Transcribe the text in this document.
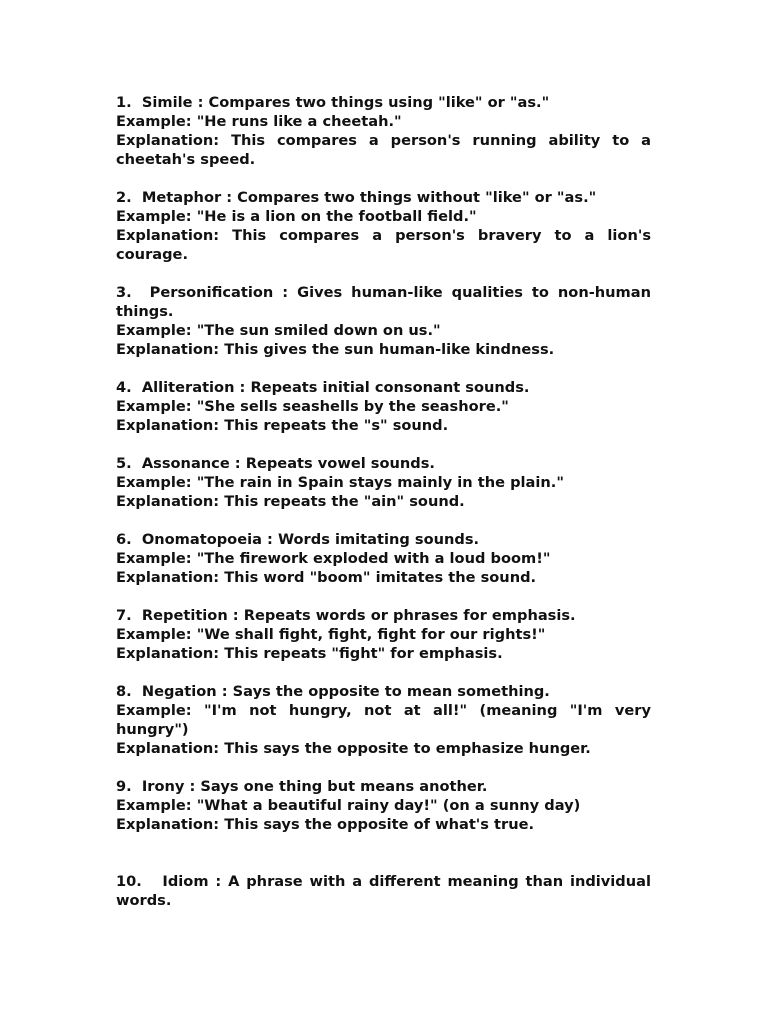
1.  Simile : Compares two things using "like" or "as."
Example: "He runs like a cheetah."
Explanation: This compares a person's running ability to a cheetah's speed.
2.  Metaphor : Compares two things without "like" or "as."
Example: "He is a lion on the football field."
Explanation: This compares a person's bravery to a lion's courage.
3.  Personification : Gives human-like qualities to non-human things.
Example: "The sun smiled down on us."
Explanation: This gives the sun human-like kindness.
4.  Alliteration : Repeats initial consonant sounds.
Example: "She sells seashells by the seashore."
Explanation: This repeats the "s" sound.
5.  Assonance : Repeats vowel sounds.
Example: "The rain in Spain stays mainly in the plain."
Explanation: This repeats the "ain" sound.
6.  Onomatopoeia : Words imitating sounds.
Example: "The firework exploded with a loud boom!"
Explanation: This word "boom" imitates the sound.
7.  Repetition : Repeats words or phrases for emphasis.
Example: "We shall fight, fight, fight for our rights!"
Explanation: This repeats "fight" for emphasis.
8.  Negation : Says the opposite to mean something.
Example: "I'm not hungry, not at all!" (meaning "I'm very hungry")
Explanation: This says the opposite to emphasize hunger.
9.  Irony : Says one thing but means another.
Example: "What a beautiful rainy day!" (on a sunny day)
Explanation: This says the opposite of what's true.
10.   Idiom : A phrase with a different meaning than individual words.
